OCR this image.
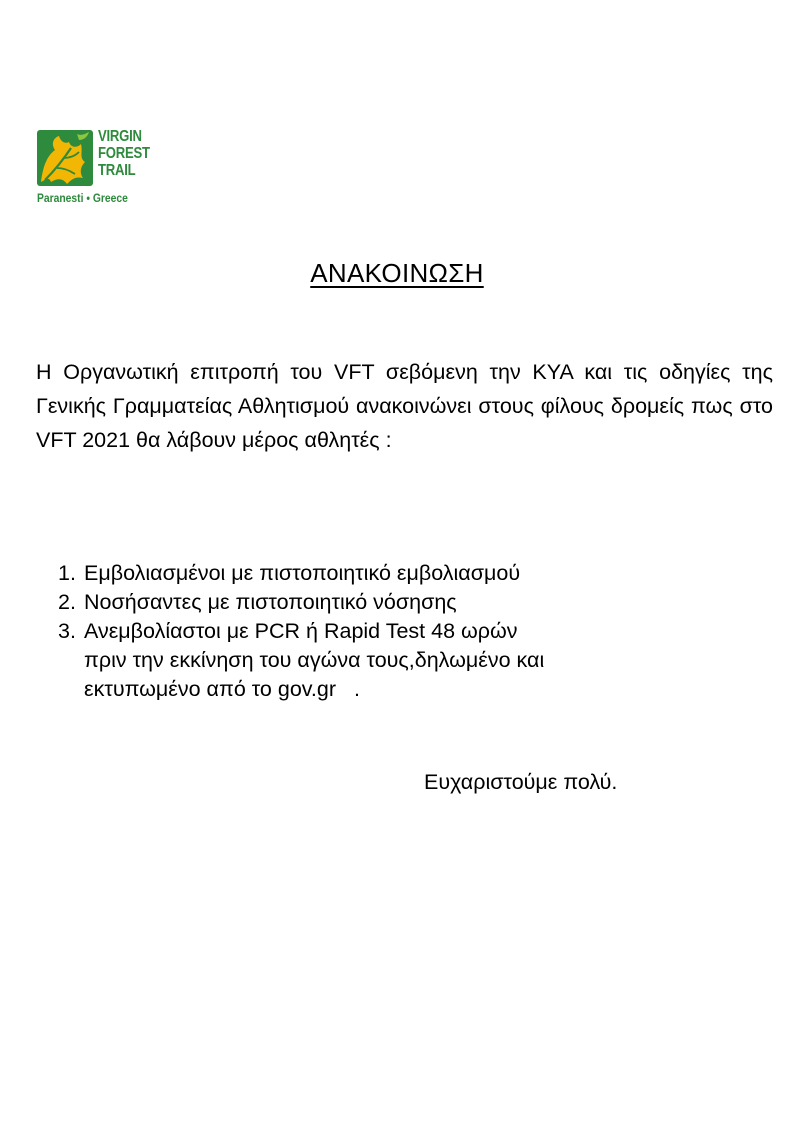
VIRGIN
FOREST
TRAIL
Paranesti • Greece
ΑΝΑΚΟΙΝΩΣΗ

Η Οργανωτική επιτροπή του VFT σεβόμενη την ΚΥΑ και τις οδηγίες της Γενικής Γραμματείας Αθλητισμού ανακοινώνει στους φίλους δρομείς πως στο VFT 2021 θα λάβουν μέρος αθλητές :

1. Εμβολιασμένοι με πιστοποιητικό εμβολιασμού
2. Νοσήσαντες με πιστοποιητικό νόσησης
3. Ανεμβολίαστοι με PCR ή Rapid Test 48 ωρών
πριν την εκκίνηση του αγώνα τους,δηλωμένο και
εκτυπωμένο από το gov.gr   .
Ευχαριστούμε πολύ.
